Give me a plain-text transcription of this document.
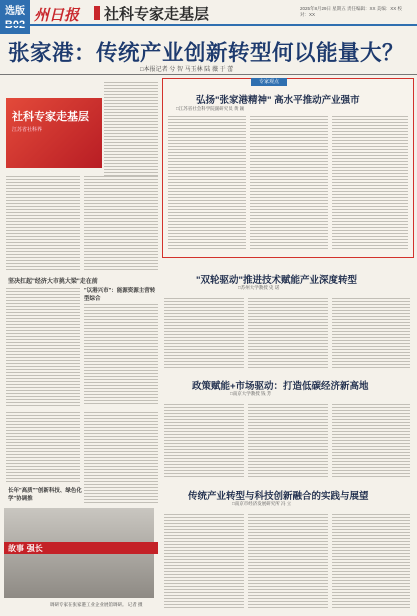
选版 州日报 社科专家走基层	2025年8月29日 星期五 责任编辑：XX 美编：XX 校对：XX
张家港：传统产业创新转型何以能量大？
□本报记者 兮 智 马玉林 陆 薇 于 蕾
社科专家走基层
江苏省社科界
坚决扛起"经济大市挑大梁"走在前
"以港兴市"：能源资源主营转型综合
长年"高质""创新科技、绿色化学"协调推
专家观点
弘扬"张家港精神" 高水平推动产业强市
□江苏省社会科学院副研究员 黄 颖
"双轮驱动"推进技术赋能产业深度转型
□苏州大学教授 史 诺
政策赋能+市场驱动：打造低碳经济新高地
□南京大学教授 钱 芳
传统产业转型与科技创新融合的实践与展望
□南京市经济发展研究所 冯 立
故事 强长
调研专家在张家港工业企业展馆调研。 记者 摄
